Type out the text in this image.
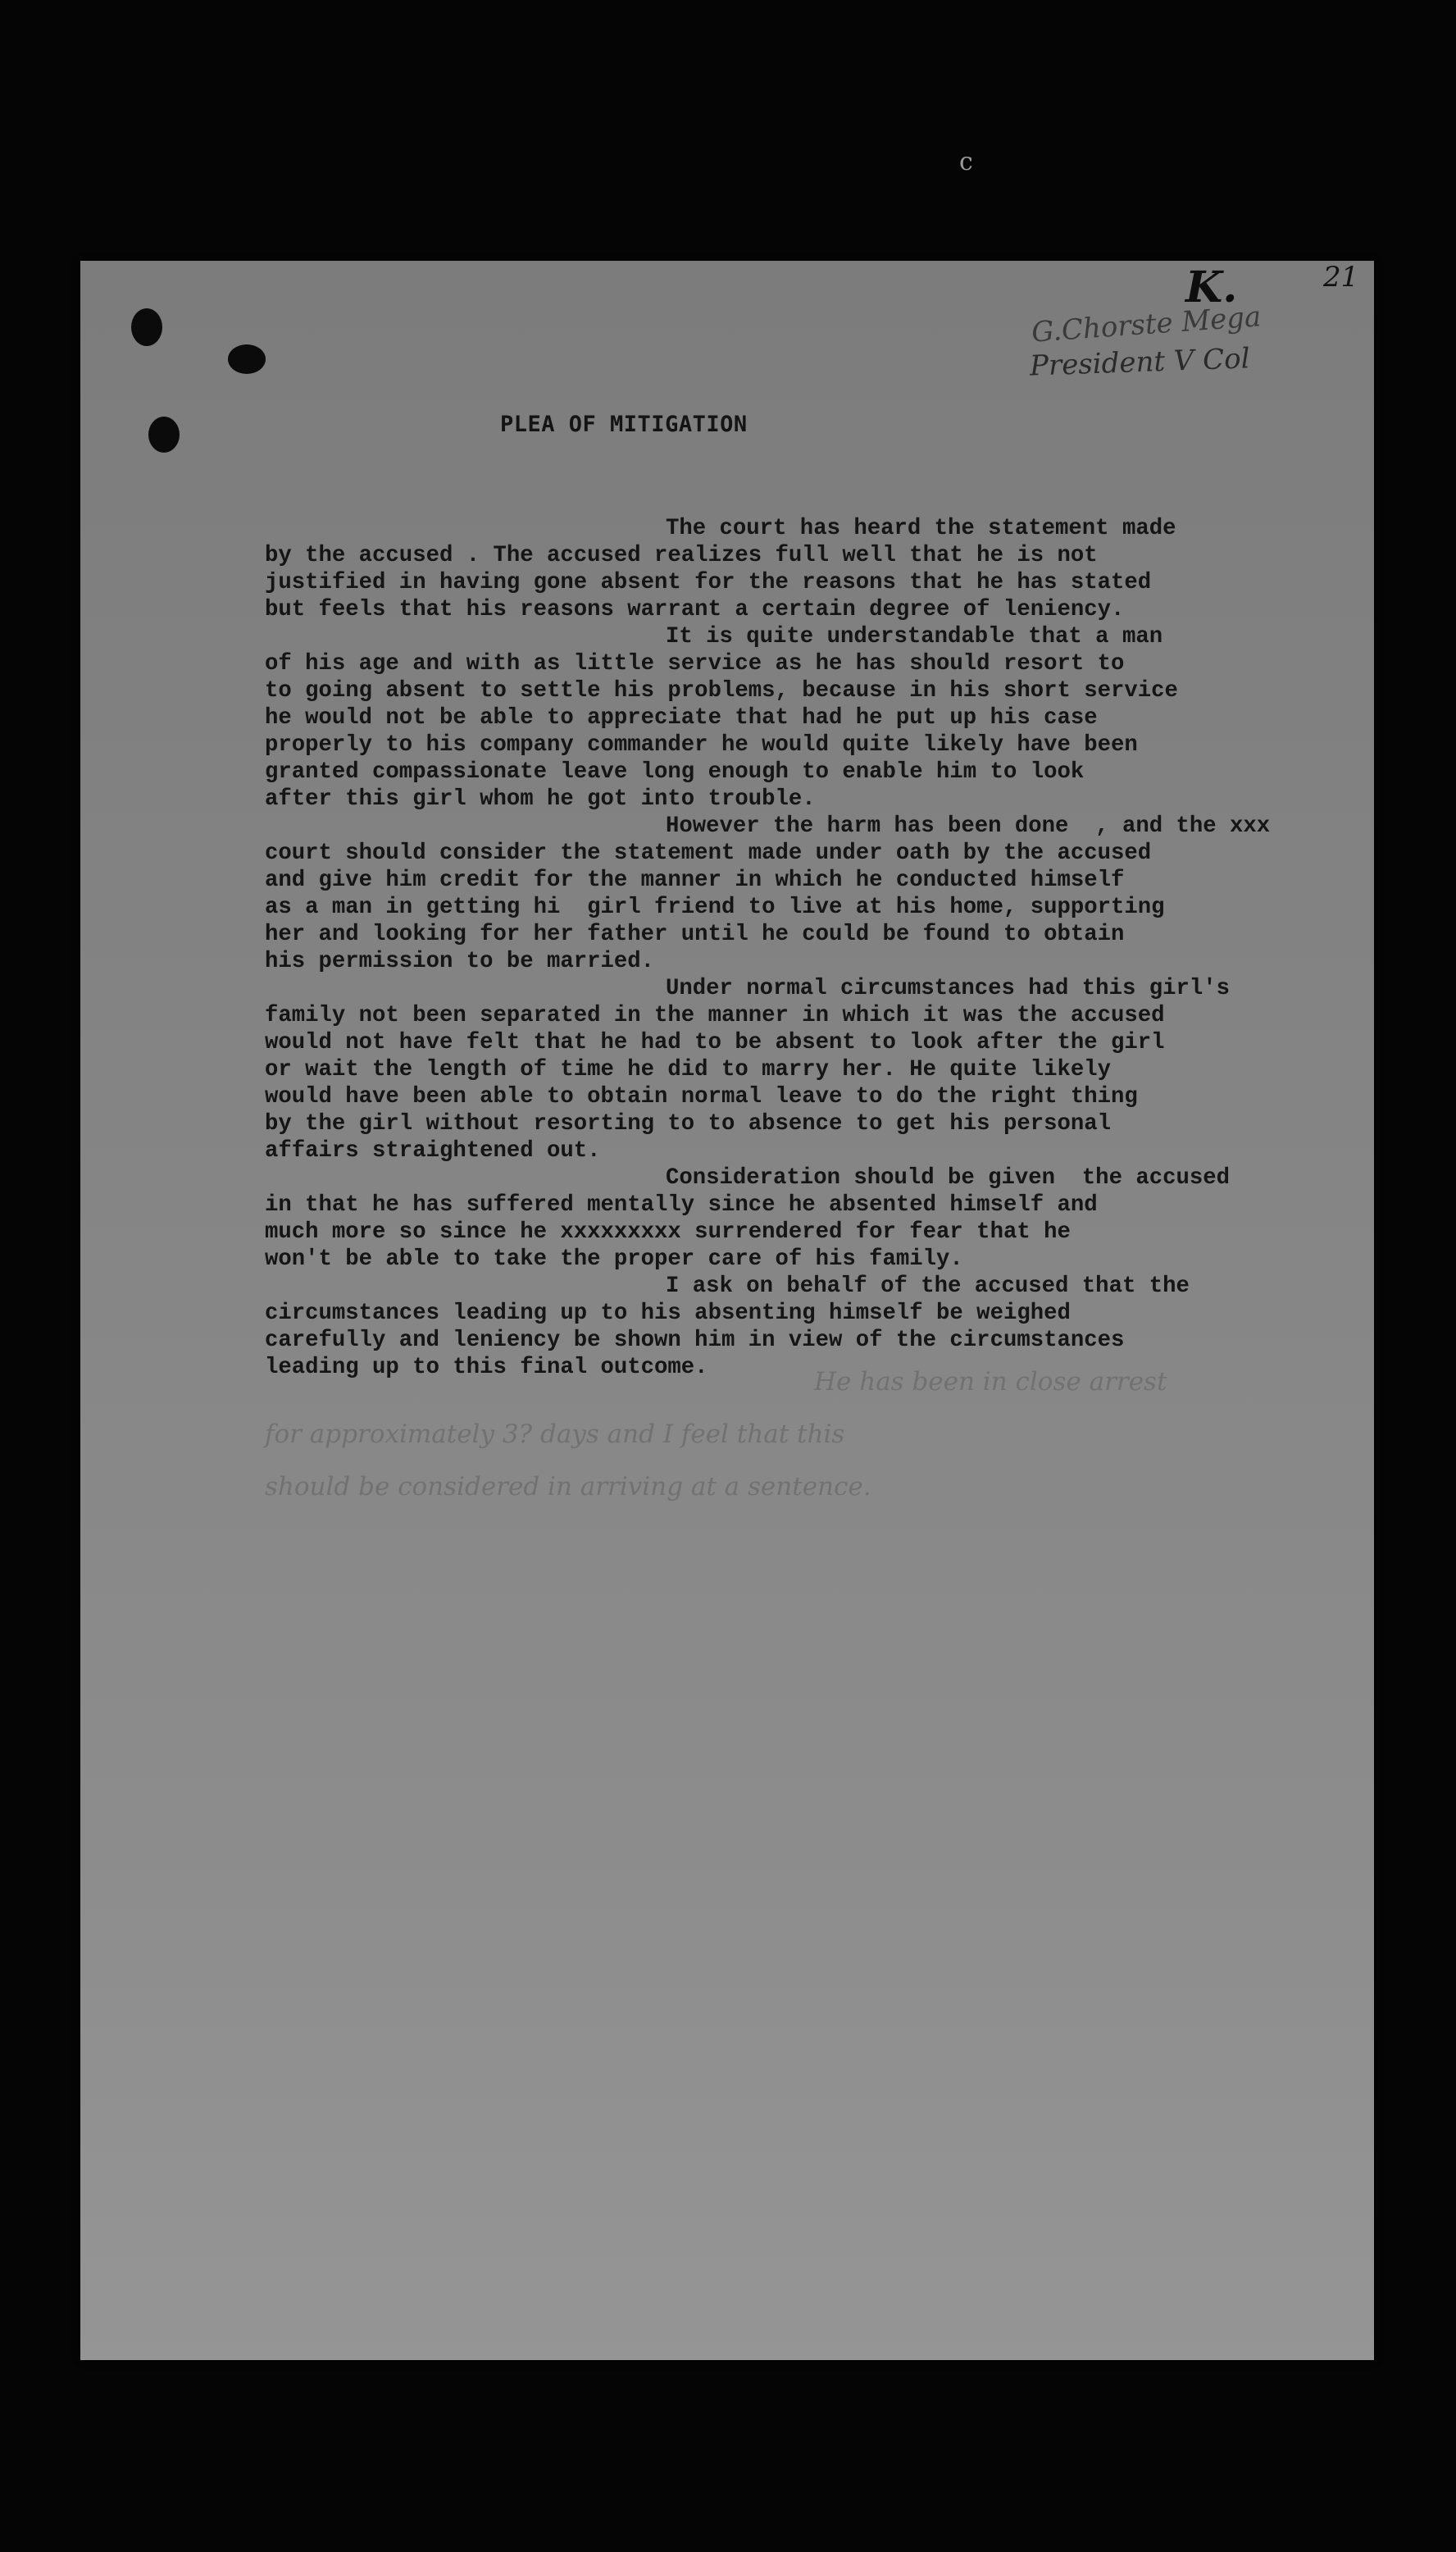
c
21
K.
G.Chorste Mega
President V Col
PLEA OF MITIGATION
The court has heard the statement made
by the accused . The accused realizes full well that he is not
justified in having gone absent for the reasons that he has stated
but feels that his reasons warrant a certain degree of leniency.
It is quite understandable that a man
of his age and with as little service as he has should resort to
to going absent to settle his problems, because in his short service
he would not be able to appreciate that had he put up his case
properly to his company commander he would quite likely have been
granted compassionate leave long enough to enable him to look
after this girl whom he got into trouble.
However the harm has been done  , and the xxx
court should consider the statement made under oath by the accused
and give him credit for the manner in which he conducted himself
as a man in getting hi  girl friend to live at his home, supporting
her and looking for her father until he could be found to obtain
his permission to be married.
Under normal circumstances had this girl's
family not been separated in the manner in which it was the accused
would not have felt that he had to be absent to look after the girl
or wait the length of time he did to marry her. He quite likely
would have been able to obtain normal leave to do the right thing
by the girl without resorting to to absence to get his personal
affairs straightened out.
Consideration should be given  the accused
in that he has suffered mentally since he absented himself and
much more so since he xxxxxxxxx surrendered for fear that he
won't be able to take the proper care of his family.
I ask on behalf of the accused that the
circumstances leading up to his absenting himself be weighed
carefully and leniency be shown him in view of the circumstances
leading up to this final outcome.	He has been in close arrest
for approximately 3? days and I feel that this
should be considered in arriving at a sentence.
